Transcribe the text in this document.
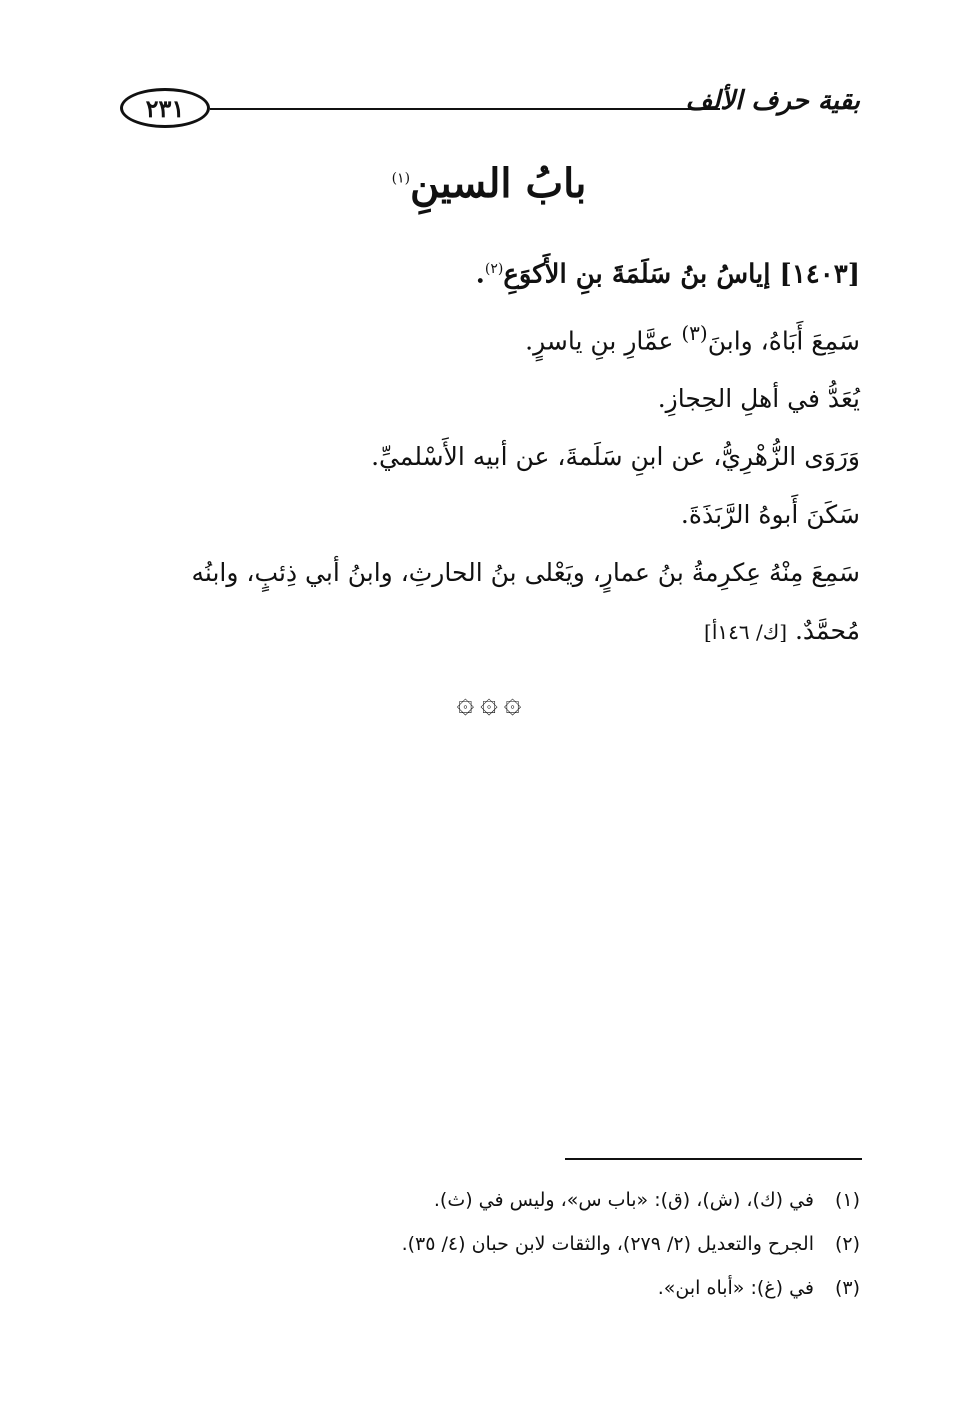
٢٣١	بقية حرف الألف
بابُ السينِ$^{(١)}$
[١٤٠٣] إياسُ بنُ سَلَمَةَ بنِ الأَكوَعِ$^{(٢)}$.
سَمِعَ أَبَاهُ، وابنَ$^{(٣)}$ عمَّارِ بنِ ياسرٍ.
يُعَدُّ في أهلِ الحِجازِ.
وَرَوَى الزُّهْرِيُّ، عن ابنِ سَلَمةَ، عن أبيه الأَسْلميِّ.
سَكَنَ أَبوهُ الرَّبَذَةَ.
سَمِعَ مِنْهُ عِكرِمةُ بنُ عمارٍ، ويَعْلى بنُ الحارثِ، وابنُ أبي ذِئبٍ، وابنُه
مُحمَّدٌ. [ك/ ١٤٦أ]
۞۞۞
(١)في (ك)، (ش)، (ق): «باب س»، وليس في (ث).
(٢)الجرح والتعديل (٢/ ٢٧٩)، والثقات لابن حبان (٤/ ٣٥).
(٣)في (غ): «أباه ابن».
